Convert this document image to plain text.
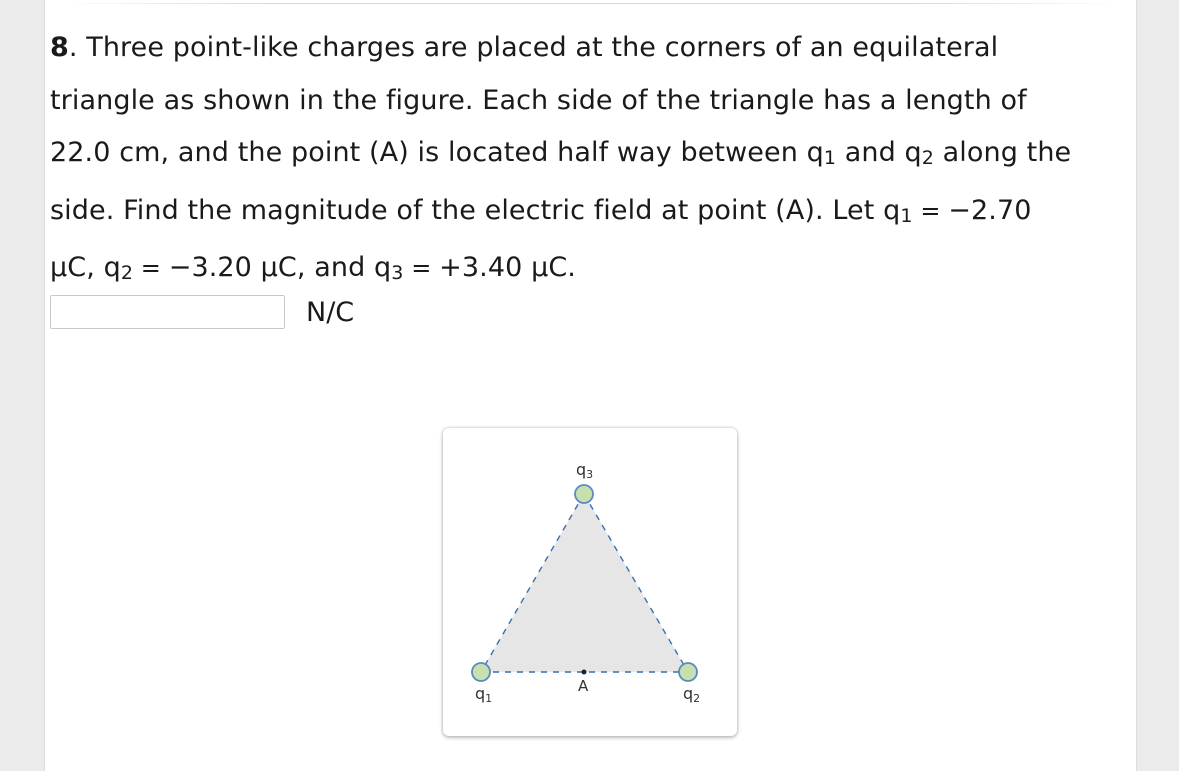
8. Three point-like charges are placed at the corners of an equilateral
triangle as shown in the figure. Each side of the triangle has a length of
22.0 cm, and the point (A) is located half way between q1 and q2 along the
side. Find the magnitude of the electric field at point (A). Let q1 = −2.70
μC, q2 = −3.20 μC, and q3 = +3.40 μC.
N/C
q3
q1	q2
A
